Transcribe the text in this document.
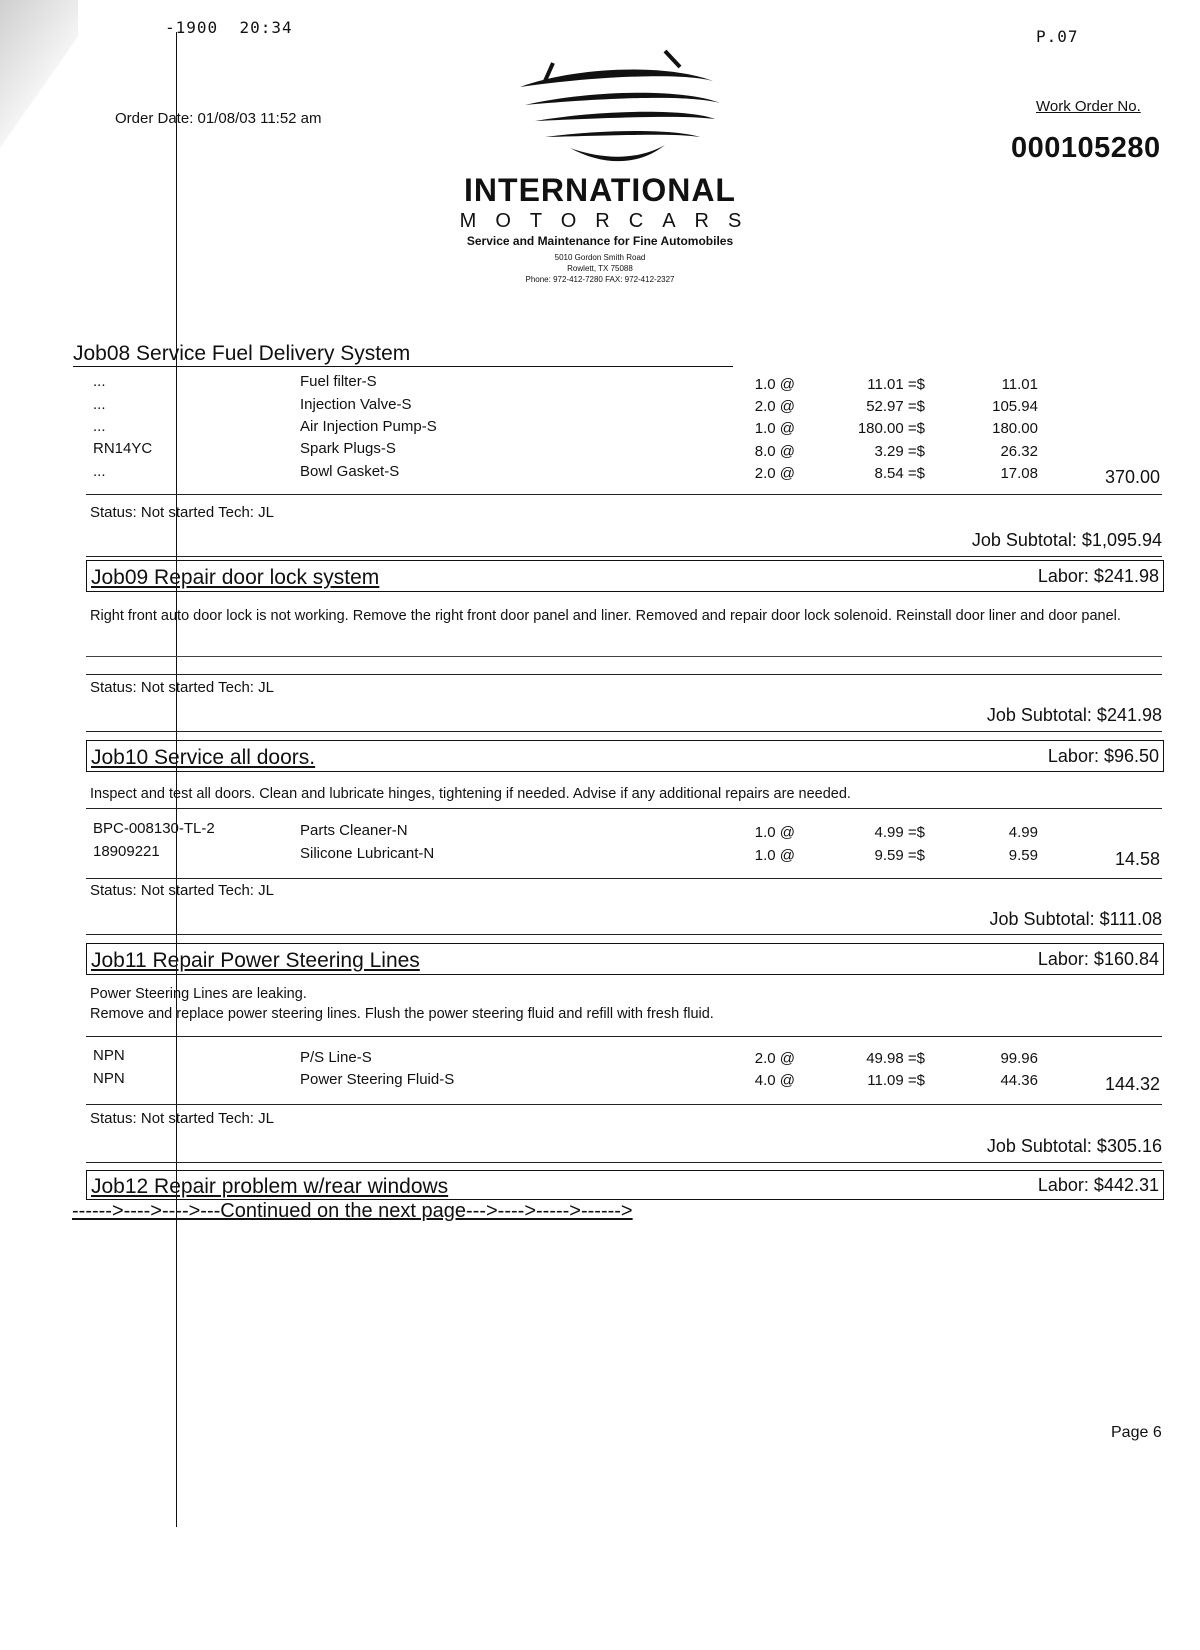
-1900 20:34	P.07
Order Date: 01/08/03 11:52 am
Work Order No.
000105280
INTERNATIONAL
MOTORCARS
Service and Maintenance for Fine Automobiles
5010 Gordon Smith Road
Rowlett, TX 75088
Phone: 972-412-7280 FAX: 972-412-2327
Job08 Service Fuel Delivery System
...	Fuel filter-S	1.0 @	11.01 =$	11.01
...	Injection Valve-S	2.0 @	52.97 =$	105.94
...	Air Injection Pump-S	1.0 @	180.00 =$	180.00
RN14YC	Spark Plugs-S	8.0 @	3.29 =$	26.32
...	Bowl Gasket-S	2.0 @	8.54 =$	17.08	370.00
Status: Not started Tech: JL
Job Subtotal: $1,095.94
Job09 Repair door lock system	Labor: $241.98
Right front auto door lock is not working. Remove the right front door panel and liner. Removed and repair door lock solenoid. Reinstall door liner and door panel.
Status: Not started Tech: JL
Job Subtotal: $241.98
Job10 Service all doors.	Labor: $96.50
Inspect and test all doors. Clean and lubricate hinges, tightening if needed. Advise if any additional repairs are needed.
BPC-008130-TL-2	Parts Cleaner-N	1.0 @	4.99 =$	4.99
18909221	Silicone Lubricant-N	1.0 @	9.59 =$	9.59	14.58
Status: Not started Tech: JL
Job Subtotal: $111.08
Job11 Repair Power Steering Lines	Labor: $160.84
Power Steering Lines are leaking.
Remove and replace power steering lines. Flush the power steering fluid and refill with fresh fluid.
NPN	P/S Line-S	2.0 @	49.98 =$	99.96
NPN	Power Steering Fluid-S	4.0 @	11.09 =$	44.36	144.32
Status: Not started Tech: JL
Job Subtotal: $305.16
Job12 Repair problem w/rear windows	Labor: $442.31
------>---->---->---Continued on the next page--->---->----->------>
Page 6
